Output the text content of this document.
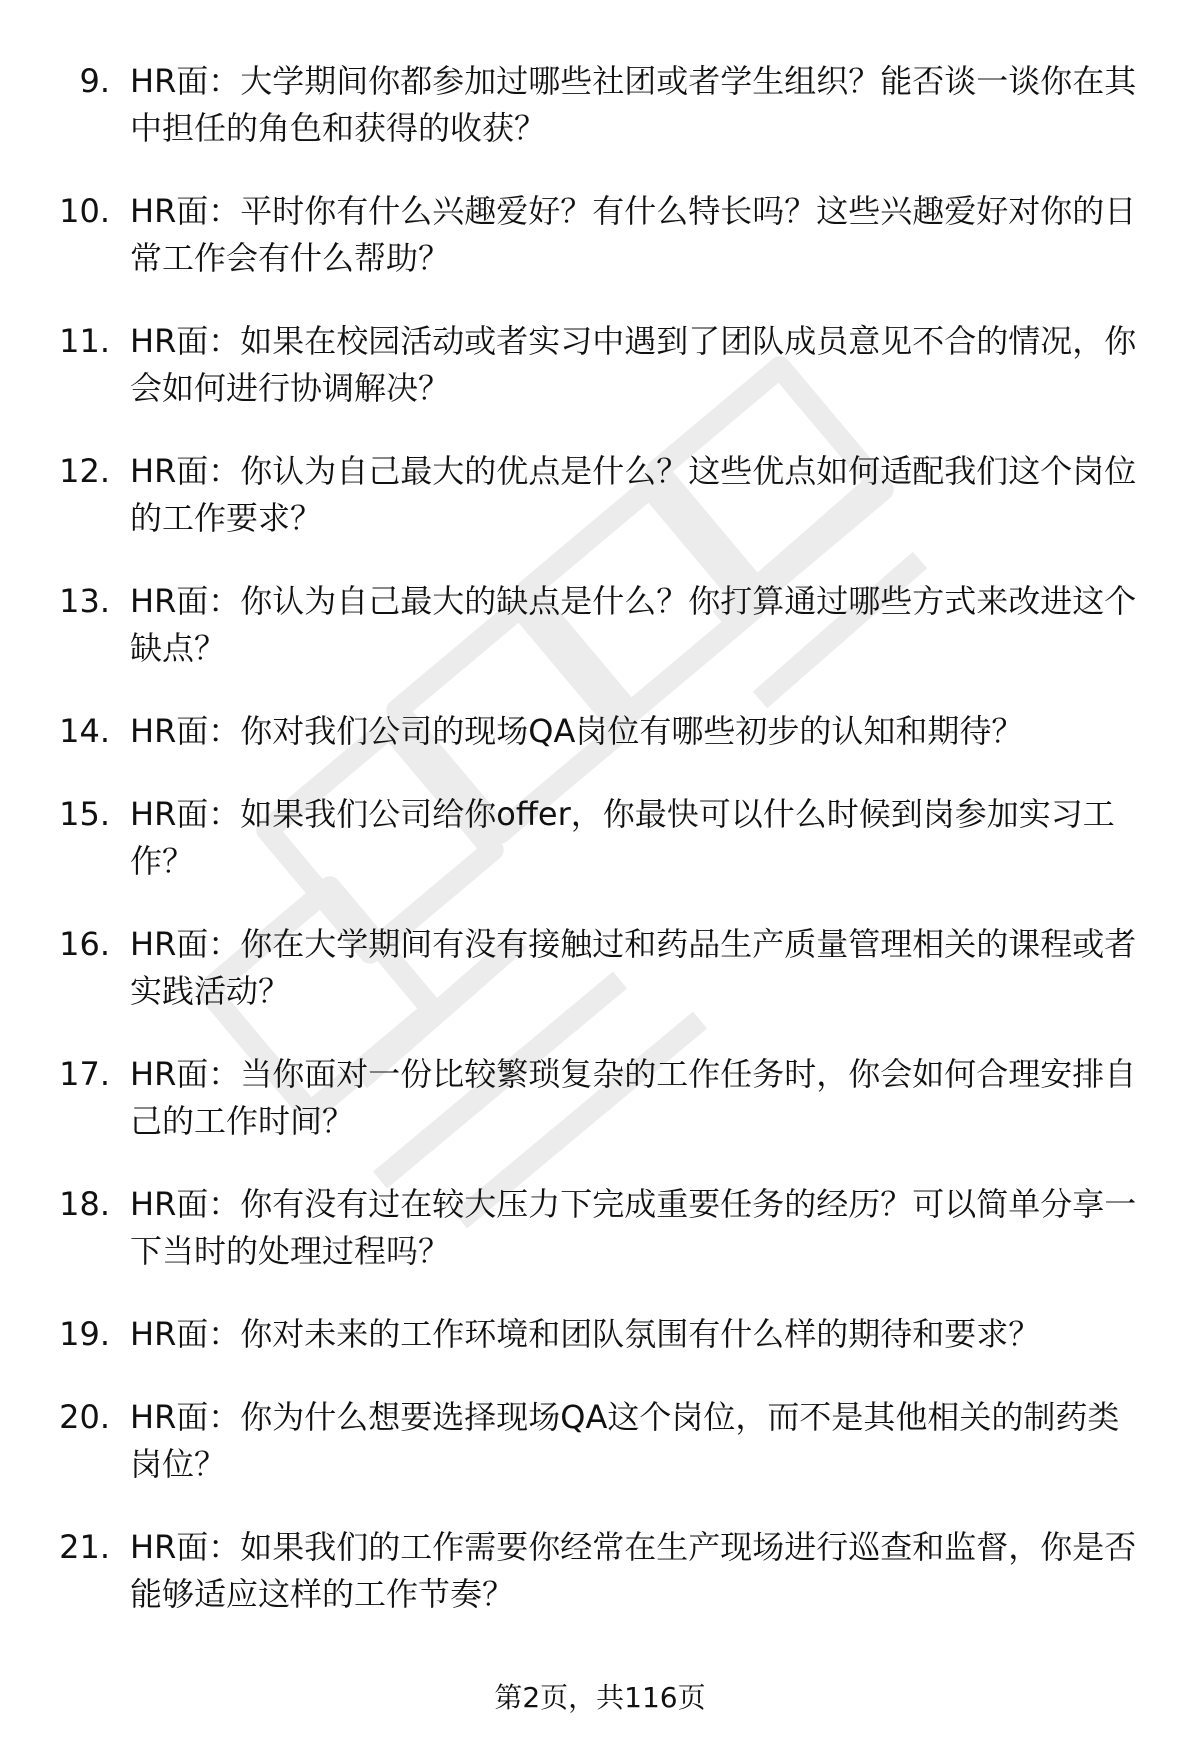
9. HR面：大学期间你都参加过哪些社团或者学生组织？能否谈一谈你在其中担任的角色和获得的收获？
10. HR面：平时你有什么兴趣爱好？有什么特长吗？这些兴趣爱好对你的日常工作会有什么帮助？
11. HR面：如果在校园活动或者实习中遇到了团队成员意见不合的情况，你会如何进行协调解决？
12. HR面：你认为自己最大的优点是什么？这些优点如何适配我们这个岗位的工作要求？
13. HR面：你认为自己最大的缺点是什么？你打算通过哪些方式来改进这个缺点？
14. HR面：你对我们公司的现场QA岗位有哪些初步的认知和期待？
15. HR面：如果我们公司给你offer，你最快可以什么时候到岗参加实习工作？
16. HR面：你在大学期间有没有接触过和药品生产质量管理相关的课程或者实践活动？
17. HR面：当你面对一份比较繁琐复杂的工作任务时，你会如何合理安排自己的工作时间？
18. HR面：你有没有过在较大压力下完成重要任务的经历？可以简单分享一下当时的处理过程吗？
19. HR面：你对未来的工作环境和团队氛围有什么样的期待和要求？
20. HR面：你为什么想要选择现场QA这个岗位，而不是其他相关的制药类岗位？
21. HR面：如果我们的工作需要你经常在生产现场进行巡查和监督，你是否能够适应这样的工作节奏？
第2页，共116页
